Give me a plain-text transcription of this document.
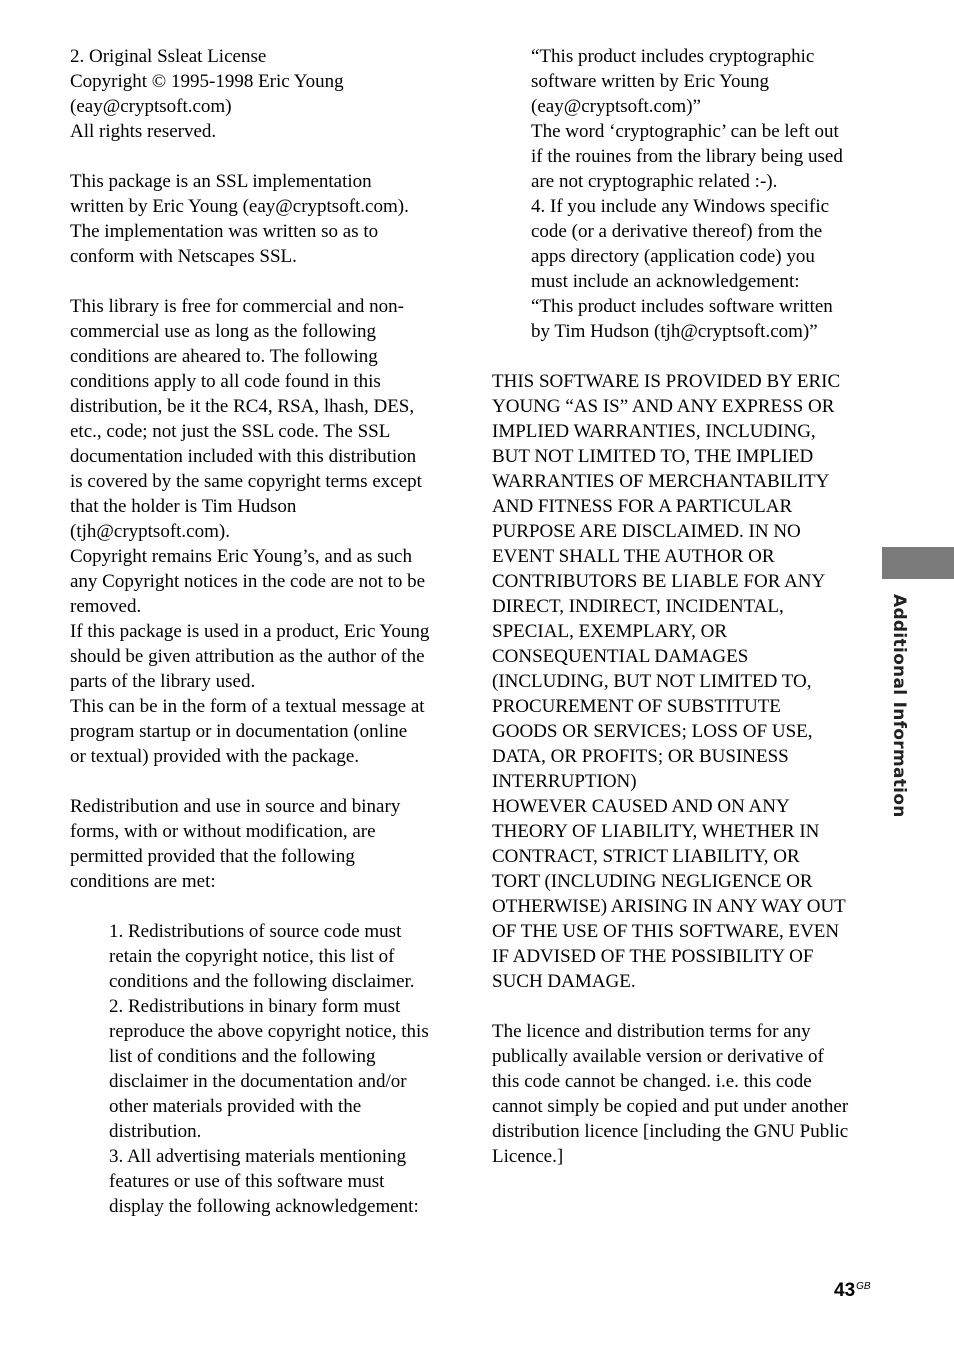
2. Original Ssleat License
Copyright © 1995-1998 Eric Young
(eay@cryptsoft.com)
All rights reserved.
This package is an SSL implementation
written by Eric Young (eay@cryptsoft.com).
The implementation was written so as to
conform with Netscapes SSL.
This library is free for commercial and non-
commercial use as long as the following
conditions are aheared to. The following
conditions apply to all code found in this
distribution, be it the RC4, RSA, lhash, DES,
etc., code; not just the SSL code. The SSL
documentation included with this distribution
is covered by the same copyright terms except
that the holder is Tim Hudson
(tjh@cryptsoft.com).
Copyright remains Eric Young’s, and as such
any Copyright notices in the code are not to be
removed.
If this package is used in a product, Eric Young
should be given attribution as the author of the
parts of the library used.
This can be in the form of a textual message at
program startup or in documentation (online
or textual) provided with the package.
Redistribution and use in source and binary
forms, with or without modification, are
permitted provided that the following
conditions are met:
1. Redistributions of source code must
retain the copyright notice, this list of
conditions and the following disclaimer.
2. Redistributions in binary form must
reproduce the above copyright notice, this
list of conditions and the following
disclaimer in the documentation and/or
other materials provided with the
distribution.
3. All advertising materials mentioning
features or use of this software must
display the following acknowledgement:
“This product includes cryptographic
software written by Eric Young
(eay@cryptsoft.com)”
The word ‘cryptographic’ can be left out
if the rouines from the library being used
are not cryptographic related :-).
4. If you include any Windows specific
code (or a derivative thereof) from the
apps directory (application code) you
must include an acknowledgement:
“This product includes software written
by Tim Hudson (tjh@cryptsoft.com)”
THIS SOFTWARE IS PROVIDED BY ERIC
YOUNG “AS IS” AND ANY EXPRESS OR
IMPLIED WARRANTIES, INCLUDING,
BUT NOT LIMITED TO, THE IMPLIED
WARRANTIES OF MERCHANTABILITY
AND FITNESS FOR A PARTICULAR
PURPOSE ARE DISCLAIMED. IN NO
EVENT SHALL THE AUTHOR OR
CONTRIBUTORS BE LIABLE FOR ANY
DIRECT, INDIRECT, INCIDENTAL,
SPECIAL, EXEMPLARY, OR
CONSEQUENTIAL DAMAGES
(INCLUDING, BUT NOT LIMITED TO,
PROCUREMENT OF SUBSTITUTE
GOODS OR SERVICES; LOSS OF USE,
DATA, OR PROFITS; OR BUSINESS
INTERRUPTION)
HOWEVER CAUSED AND ON ANY
THEORY OF LIABILITY, WHETHER IN
CONTRACT, STRICT LIABILITY, OR
TORT (INCLUDING NEGLIGENCE OR
OTHERWISE) ARISING IN ANY WAY OUT
OF THE USE OF THIS SOFTWARE, EVEN
IF ADVISED OF THE POSSIBILITY OF
SUCH DAMAGE.
The licence and distribution terms for any
publically available version or derivative of
this code cannot be changed. i.e. this code
cannot simply be copied and put under another
distribution licence [including the GNU Public
Licence.]
Additional Information
$43^{GB}$
